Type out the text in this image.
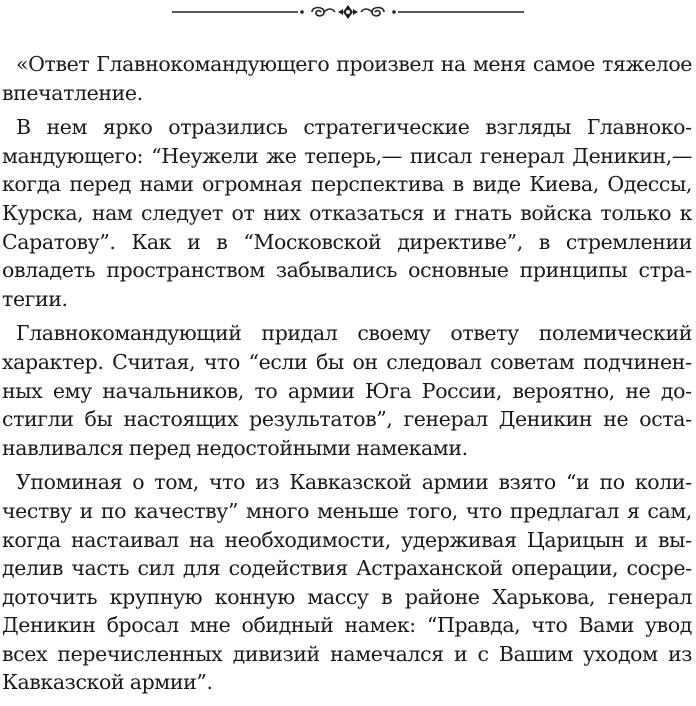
«Ответ Главнокомандующего произвел на меня самое тяжелое впечатление.

В нем ярко отразились стратегические взгляды Главнокомандующего: “Неужели же теперь,— писал генерал Деникин,— когда перед нами огромная перспектива в виде Киева, Одессы, Курска, нам следует от них отказаться и гнать войска только к Саратову”. Как и в “Московской директиве”, в стремлении овладеть пространством забывались основные принципы стратегии.

Главнокомандующий придал своему ответу полемический характер. Считая, что “если бы он следовал советам подчиненных ему начальников, то армии Юга России, вероятно, не достигли бы настоящих результатов”, генерал Деникин не останавливался перед недостойными намеками.

Упоминая о том, что из Кавказской армии взято “и по количеству и по качеству” много меньше того, что предлагал я сам, когда настаивал на необходимости, удерживая Царицын и выделив часть сил для содействия Астраханской операции, сосредоточить крупную конную массу в районе Харькова, генерал Деникин бросал мне обидный намек: “Правда, что Вами увод всех перечисленных дивизий намечался и с Вашим уходом из Кавказской армии”.
